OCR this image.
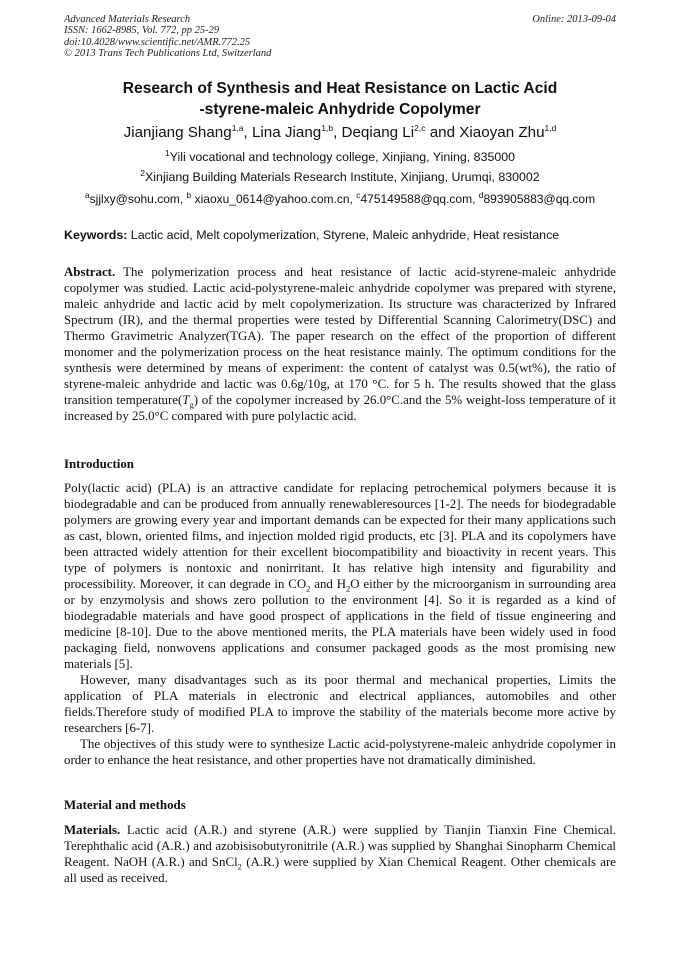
Advanced Materials Research
ISSN: 1662-8985, Vol. 772, pp 25-29
doi:10.4028/www.scientific.net/AMR.772.25
© 2013 Trans Tech Publications Ltd, Switzerland
Online: 2013-09-04
Research of Synthesis and Heat Resistance on Lactic Acid
-styrene-maleic Anhydride Copolymer
Jianjiang Shang$^{1,a}$, Lina Jiang$^{1,b}$, Deqiang Li$^{2,c}$ and Xiaoyan Zhu$^{1,d}$
$^1$Yili vocational and technology college, Xinjiang, Yining, 835000
$^2$Xinjiang Building Materials Research Institute, Xinjiang, Urumqi, 830002
$^a$sjjlxy@sohu.com, $^b$ xiaoxu_0614@yahoo.com.cn, $^c$475149588@qq.com, $^d$893905883@qq.com
Keywords: Lactic acid, Melt copolymerization, Styrene, Maleic anhydride, Heat resistance

Abstract. The polymerization process and heat resistance of lactic acid-styrene-maleic anhydride copolymer was studied. Lactic acid-polystyrene-maleic anhydride copolymer was prepared with styrene, maleic anhydride and lactic acid by melt copolymerization. Its structure was characterized by Infrared Spectrum (IR), and the thermal properties were tested by Differential Scanning Calorimetry(DSC) and Thermo Gravimetric Analyzer(TGA). The paper research on the effect of the proportion of different monomer and the polymerization process on the heat resistance mainly. The optimum conditions for the synthesis were determined by means of experiment: the content of catalyst was 0.5(wt%), the ratio of styrene-maleic anhydride and lactic was 0.6g/10g, at 170 °C. for 5 h. The results showed that the glass transition $temperature(T_g)$ of the copolymer increased by 26.0°C.and the 5% weight-loss temperature of it increased by 25.0°C compared with pure polylactic acid.

Introduction

Poly(lactic acid) (PLA) is an attractive candidate for replacing petrochemical polymers because it is biodegradable and can be produced from annually renewableresources [1-2]. The needs for biodegradable polymers are growing every year and important demands can be expected for their many applications such as cast, blown, oriented films, and injection molded rigid products, etc [3]. PLA and its copolymers have been attracted widely attention for their excellent biocompatibility and bioactivity in recent years. This type of polymers is nontoxic and nonirritant. It has relative high intensity and figurability and processibility. Moreover, it can degrade in $CO_2$ and $H_2O$ either by the microorganism in surrounding area or by enzymolysis and shows zero pollution to the environment [4]. So it is regarded as a kind of biodegradable materials and have good prospect of applications in the field of tissue engineering and medicine [8-10]. Due to the above mentioned merits, the PLA materials have been widely used in food packaging field, nonwovens applications and consumer packaged goods as the most promising new materials [5].

However, many disadvantages such as its poor thermal and mechanical properties, Limits the application of PLA materials in electronic and electrical appliances, automobiles and other fields.Therefore study of modified PLA to improve the stability of the materials become more active by researchers [6-7].

The objectives of this study were to synthesize Lactic acid-polystyrene-maleic anhydride copolymer in order to enhance the heat resistance, and other properties have not dramatically diminished.

Material and methods

Materials. Lactic acid (A.R.) and styrene (A.R.) were supplied by Tianjin Tianxin Fine Chemical. Terephthalic acid (A.R.) and azobisisobutyronitrile (A.R.) was supplied by Shanghai Sinopharm Chemical Reagent. NaOH (A.R.) and SnCl$_2$ (A.R.) were supplied by Xian Chemical Reagent. Other chemicals are all used as received.
